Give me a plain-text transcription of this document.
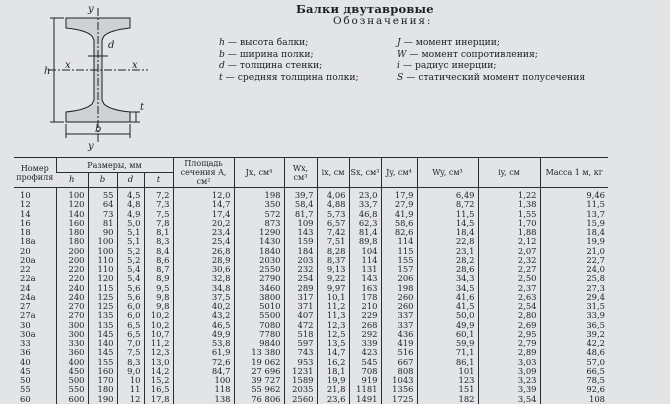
Балки двутавровые
Обозначения:
h — высота балки;
b — ширина полки;
d — толщина стенки;
t — средняя толщина полки;
J — момент инерции;
W — момент сопротивления;
i — радиус инерции;
S — статический момент полусечения
y
y
x	x
h
b
d
t
Номер профиля	Размеры, мм				Площадь сечения A, см²	Jx, см⁴	Wx, см³	ix, см	Sx, см³	Jy, см⁴	Wy, см³	iy, см	Масса 1 м, кг
	h	b	d	t									
10	100	55	4,5	7,2	12,0	198	39,7	4,06	23,0	17,9	6,49	1,22	9,46
12	120	64	4,8	7,3	14,7	350	58,4	4,88	33,7	27,9	8,72	1,38	11,5
14	140	73	4,9	7,5	17,4	572	81,7	5,73	46,8	41,9	11,5	1,55	13,7
16	160	81	5,0	7,8	20,2	873	109	6,57	62,3	58,6	14,5	1,70	15,9
18	180	90	5,1	8,1	23,4	1290	143	7,42	81,4	82,6	18,4	1,88	18,4
18a	180	100	5,1	8,3	25,4	1430	159	7,51	89,8	114	22,8	2,12	19,9
20	200	100	5,2	8,4	26,8	1840	184	8,28	104	115	23,1	2,07	21,0
20a	200	110	5,2	8,6	28,9	2030	203	8,37	114	155	28,2	2,32	22,7
22	220	110	5,4	8,7	30,6	2550	232	9,13	131	157	28,6	2,27	24,0
22a	220	120	5,4	8,9	32,8	2790	254	9,22	143	206	34,3	2,50	25,8
24	240	115	5,6	9,5	34,8	3460	289	9,97	163	198	34,5	2,37	27,3
24a	240	125	5,6	9,8	37,5	3800	317	10,1	178	260	41,6	2,63	29,4
27	270	125	6,0	9,8	40,2	5010	371	11,2	210	260	41,5	2,54	31,5
27a	270	135	6,0	10,2	43,2	5500	407	11,3	229	337	50,0	2,80	33,9
30	300	135	6,5	10,2	46,5	7080	472	12,3	268	337	49,9	2,69	36,5
30a	300	145	6,5	10,7	49,9	7780	518	12,5	292	436	60,1	2,95	39,2
33	330	140	7,0	11,2	53,8	9840	597	13,5	339	419	59,9	2,79	42,2
36	360	145	7,5	12,3	61,9	13 380	743	14,7	423	516	71,1	2,89	48,6
40	400	155	8,3	13,0	72,6	19 062	953	16,2	545	667	86,1	3,03	57,0
45	450	160	9,0	14,2	84,7	27 696	1231	18,1	708	808	101	3,09	66,5
50	500	170	10	15,2	100	39 727	1589	19,9	919	1043	123	3,23	78,5
55	550	180	11	16,5	118	55 962	2035	21,8	1181	1356	151	3,39	92,6
60	600	190	12	17,8	138	76 806	2560	23,6	1491	1725	182	3,54	108
